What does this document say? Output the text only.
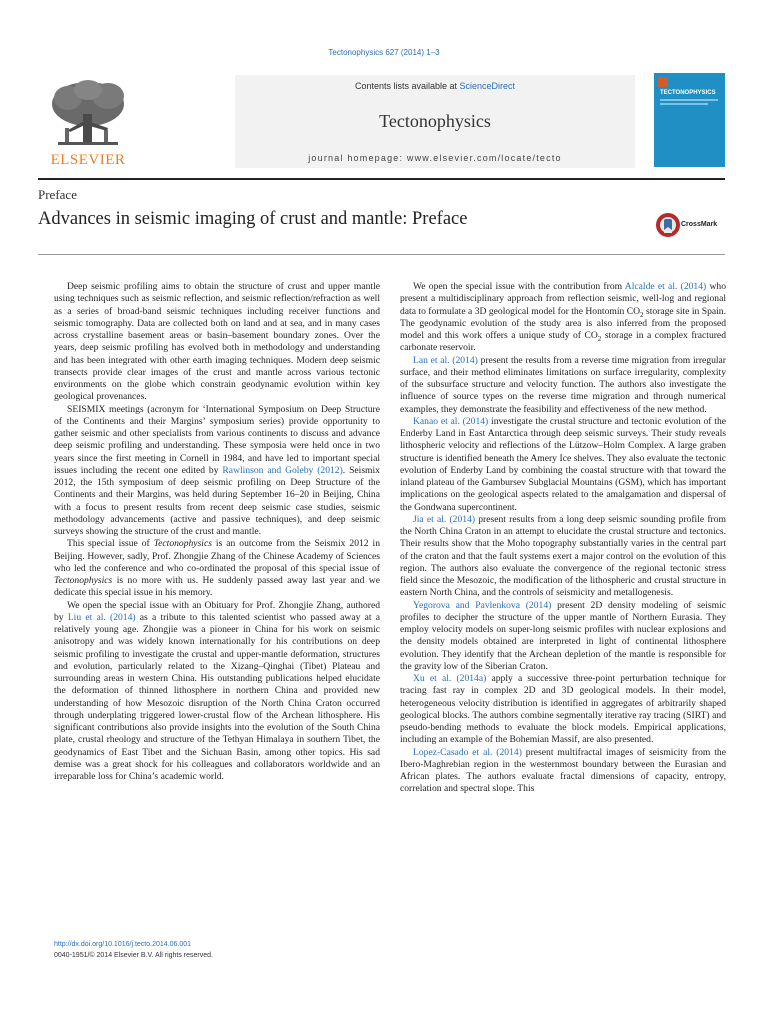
Tectonophysics 627 (2014) 1–3
ELSEVIER
Contents lists available at ScienceDirect
Tectonophysics
journal homepage: www.elsevier.com/locate/tecto
TECTONOPHYSICS
Preface
Advances in seismic imaging of crust and mantle: Preface	CrossMark

Deep seismic profiling aims to obtain the structure of crust and upper mantle using techniques such as seismic reflection, and seismic reflection/refraction as well as a series of broad-band seismic techniques including receiver functions and seismic tomography. Data are collected both on land and at sea, and in many cases across crystalline basement areas or basin–basement boundary zones. Over the years, deep seismic profiling has evolved both in methodology and understanding and has been integrated with other earth imaging techniques. Modern deep seismic transects provide clear images of the crust and mantle across various tectonic environments on the globe which constrain geodynamic evolution within key geological provenances.

SEISMIX meetings (acronym for ‘International Symposium on Deep Structure of the Continents and their Margins’ symposium series) provide opportunity to gather seismic and other specialists from various continents to discuss and advance deep seismic profiling and understanding. These symposia were held once in two years since the first meeting in Cornell in 1984, and have led to important special issues including the recent one edited by Rawlinson and Goleby (2012). Seismix 2012, the 15th symposium of deep seismic profiling on Deep Structure of the Continents and their Margins, was held during September 16–20 in Beijing, China with a focus to present results from recent deep seismic case studies, seismic methodology advancements (active and passive techniques), and deep seismic surveys showing the structure of the crust and mantle.

This special issue of Tectonophysics is an outcome from the Seismix 2012 in Beijing. However, sadly, Prof. Zhongjie Zhang of the Chinese Academy of Sciences who led the conference and who co-ordinated the proposal of this special issue of Tectonophysics is no more with us. He suddenly passed away last year and we dedicate this special issue in his memory.

We open the special issue with an Obituary for Prof. Zhongjie Zhang, authored by Liu et al. (2014) as a tribute to this talented scientist who passed away at a relatively young age. Zhongjie was a pioneer in China for his work on seismic anisotropy and was widely known internationally for his contributions on deep seismic profiling to investigate the crustal and upper-mantle deformation, structures and evolution, particularly related to the Xizang–Qinghai (Tibet) Plateau and surrounding areas in western China. His outstanding publications helped elucidate the deformation of thinned lithosphere in northern China and provided new understanding of how Mesozoic disruption of the North China Craton occurred through underplating triggered lower-crustal flow of the Archean lithosphere. His significant contributions also provide insights into the evolution of the South China plate, crustal rheology and structure of the Tethyan Himalaya in southern Tibet, the geodynamics of East Tibet and the Sichuan Basin, among other topics. His sad demise was a great shock for his colleagues and collaborators worldwide and an irreparable loss for China’s academic world.

We open the special issue with the contribution from Alcalde et al. (2014) who present a multidisciplinary approach from reflection seismic, well-log and regional data to formulate a 3D geological model for the Hontomín $CO_2$ storage site in Spain. The geodynamic evolution of the study area is also inferred from the proposed model and this work offers a unique study of $CO_2$ storage in a complex fractured carbonate reservoir.

Lan et al. (2014) present the results from a reverse time migration from irregular surface, and their method eliminates limitations on surface irregularity, complexity of the subsurface structure and velocity function. The authors also investigate the influence of source types on the reverse time migration and through numerical examples, they demonstrate the feasibility and effectiveness of the new method.

Kanao et al. (2014) investigate the crustal structure and tectonic evolution of the Enderby Land in East Antarctica through deep seismic surveys. Their study reveals lithospheric velocity and reflections of the Lützow–Holm Complex. A large graben structure is identified beneath the Amery Ice shelves. They also evaluate the tectonic evolution of Enderby Land by combining the coastal structure with that toward the inland plateau of the Gambursev Subglacial Mountains (GSM), which has important implications on the geological aspects related to the amalgamation and dispersal of the Gondwana supercontinent.

Jia et al. (2014) present results from a long deep seismic sounding profile from the North China Craton in an attempt to elucidate the crustal structure and tectonics. Their results show that the Moho topography substantially varies in the central part of the craton and that the fault systems exert a major control on the evolution of this region. The authors also evaluate the convergence of the regional tectonic stress field since the Mesozoic, the modification of the lithospheric and crustal structure in eastern North China, and the controls of seismicity and metallogenesis.

Yegorova and Pavlenkova (2014) present 2D density modeling of seismic profiles to decipher the structure of the upper mantle of Northern Eurasia. They employ velocity models on super-long seismic profiles with nuclear explosions and the density models obtained are interpreted in light of continental lithosphere evolution. They identify that the Archean depletion of the mantle is responsible for the gravity low of the Siberian Craton.

Xu et al. (2014a) apply a successive three-point perturbation technique for tracing fast ray in complex 2D and 3D geological models. In their model, heterogeneous velocity distribution is identified in aggregates of arbitrarily shaped geological blocks. The authors combine segmentally iterative ray tracing (SIRT) and pseudo-bending methods to evaluate the block models. Empirical applications, including an example of the Bohemian Massif, are also presented.

Lopez-Casado et al. (2014) present multifractal images of seismicity from the Ibero-Maghrebian region in the westernmost boundary between the Eurasian and African plates. The authors evaluate fractal dimensions of capacity, entropy, correlation and spectral slope. This

http://dx.doi.org/10.1016/j.tecto.2014.06.001
0040-1951/© 2014 Elsevier B.V. All rights reserved.
